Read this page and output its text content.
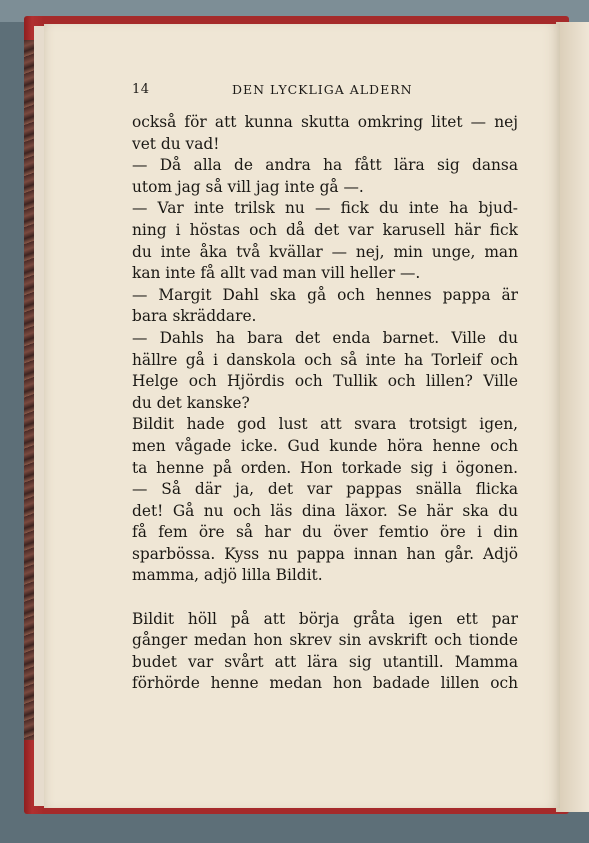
14	DEN LYCKLIGA ALDERN
också för att kunna skutta omkring litet — nej
vet du vad!
— Då alla de andra ha fått lära sig dansa
utom jag så vill jag inte gå —.
— Var inte trilsk nu — fick du inte ha bjud-
ning i höstas och då det var karusell här fick
du inte åka två kvällar — nej, min unge, man
kan inte få allt vad man vill heller —.
— Margit Dahl ska gå och hennes pappa är
bara skräddare.
— Dahls ha bara det enda barnet. Ville du
hällre gå i danskola och så inte ha Torleif och
Helge och Hjördis och Tullik och lillen? Ville
du det kanske?
Bildit hade god lust att svara trotsigt igen,
men vågade icke. Gud kunde höra henne och
ta henne på orden. Hon torkade sig i ögonen.
— Så där ja, det var pappas snälla flicka
det! Gå nu och läs dina läxor. Se här ska du
få fem öre så har du över femtio öre i din
sparbössa. Kyss nu pappa innan han går. Adjö
mamma, adjö lilla Bildit.
Bildit höll på att börja gråta igen ett par
gånger medan hon skrev sin avskrift och tionde
budet var svårt att lära sig utantill. Mamma
förhörde henne medan hon badade lillen och
